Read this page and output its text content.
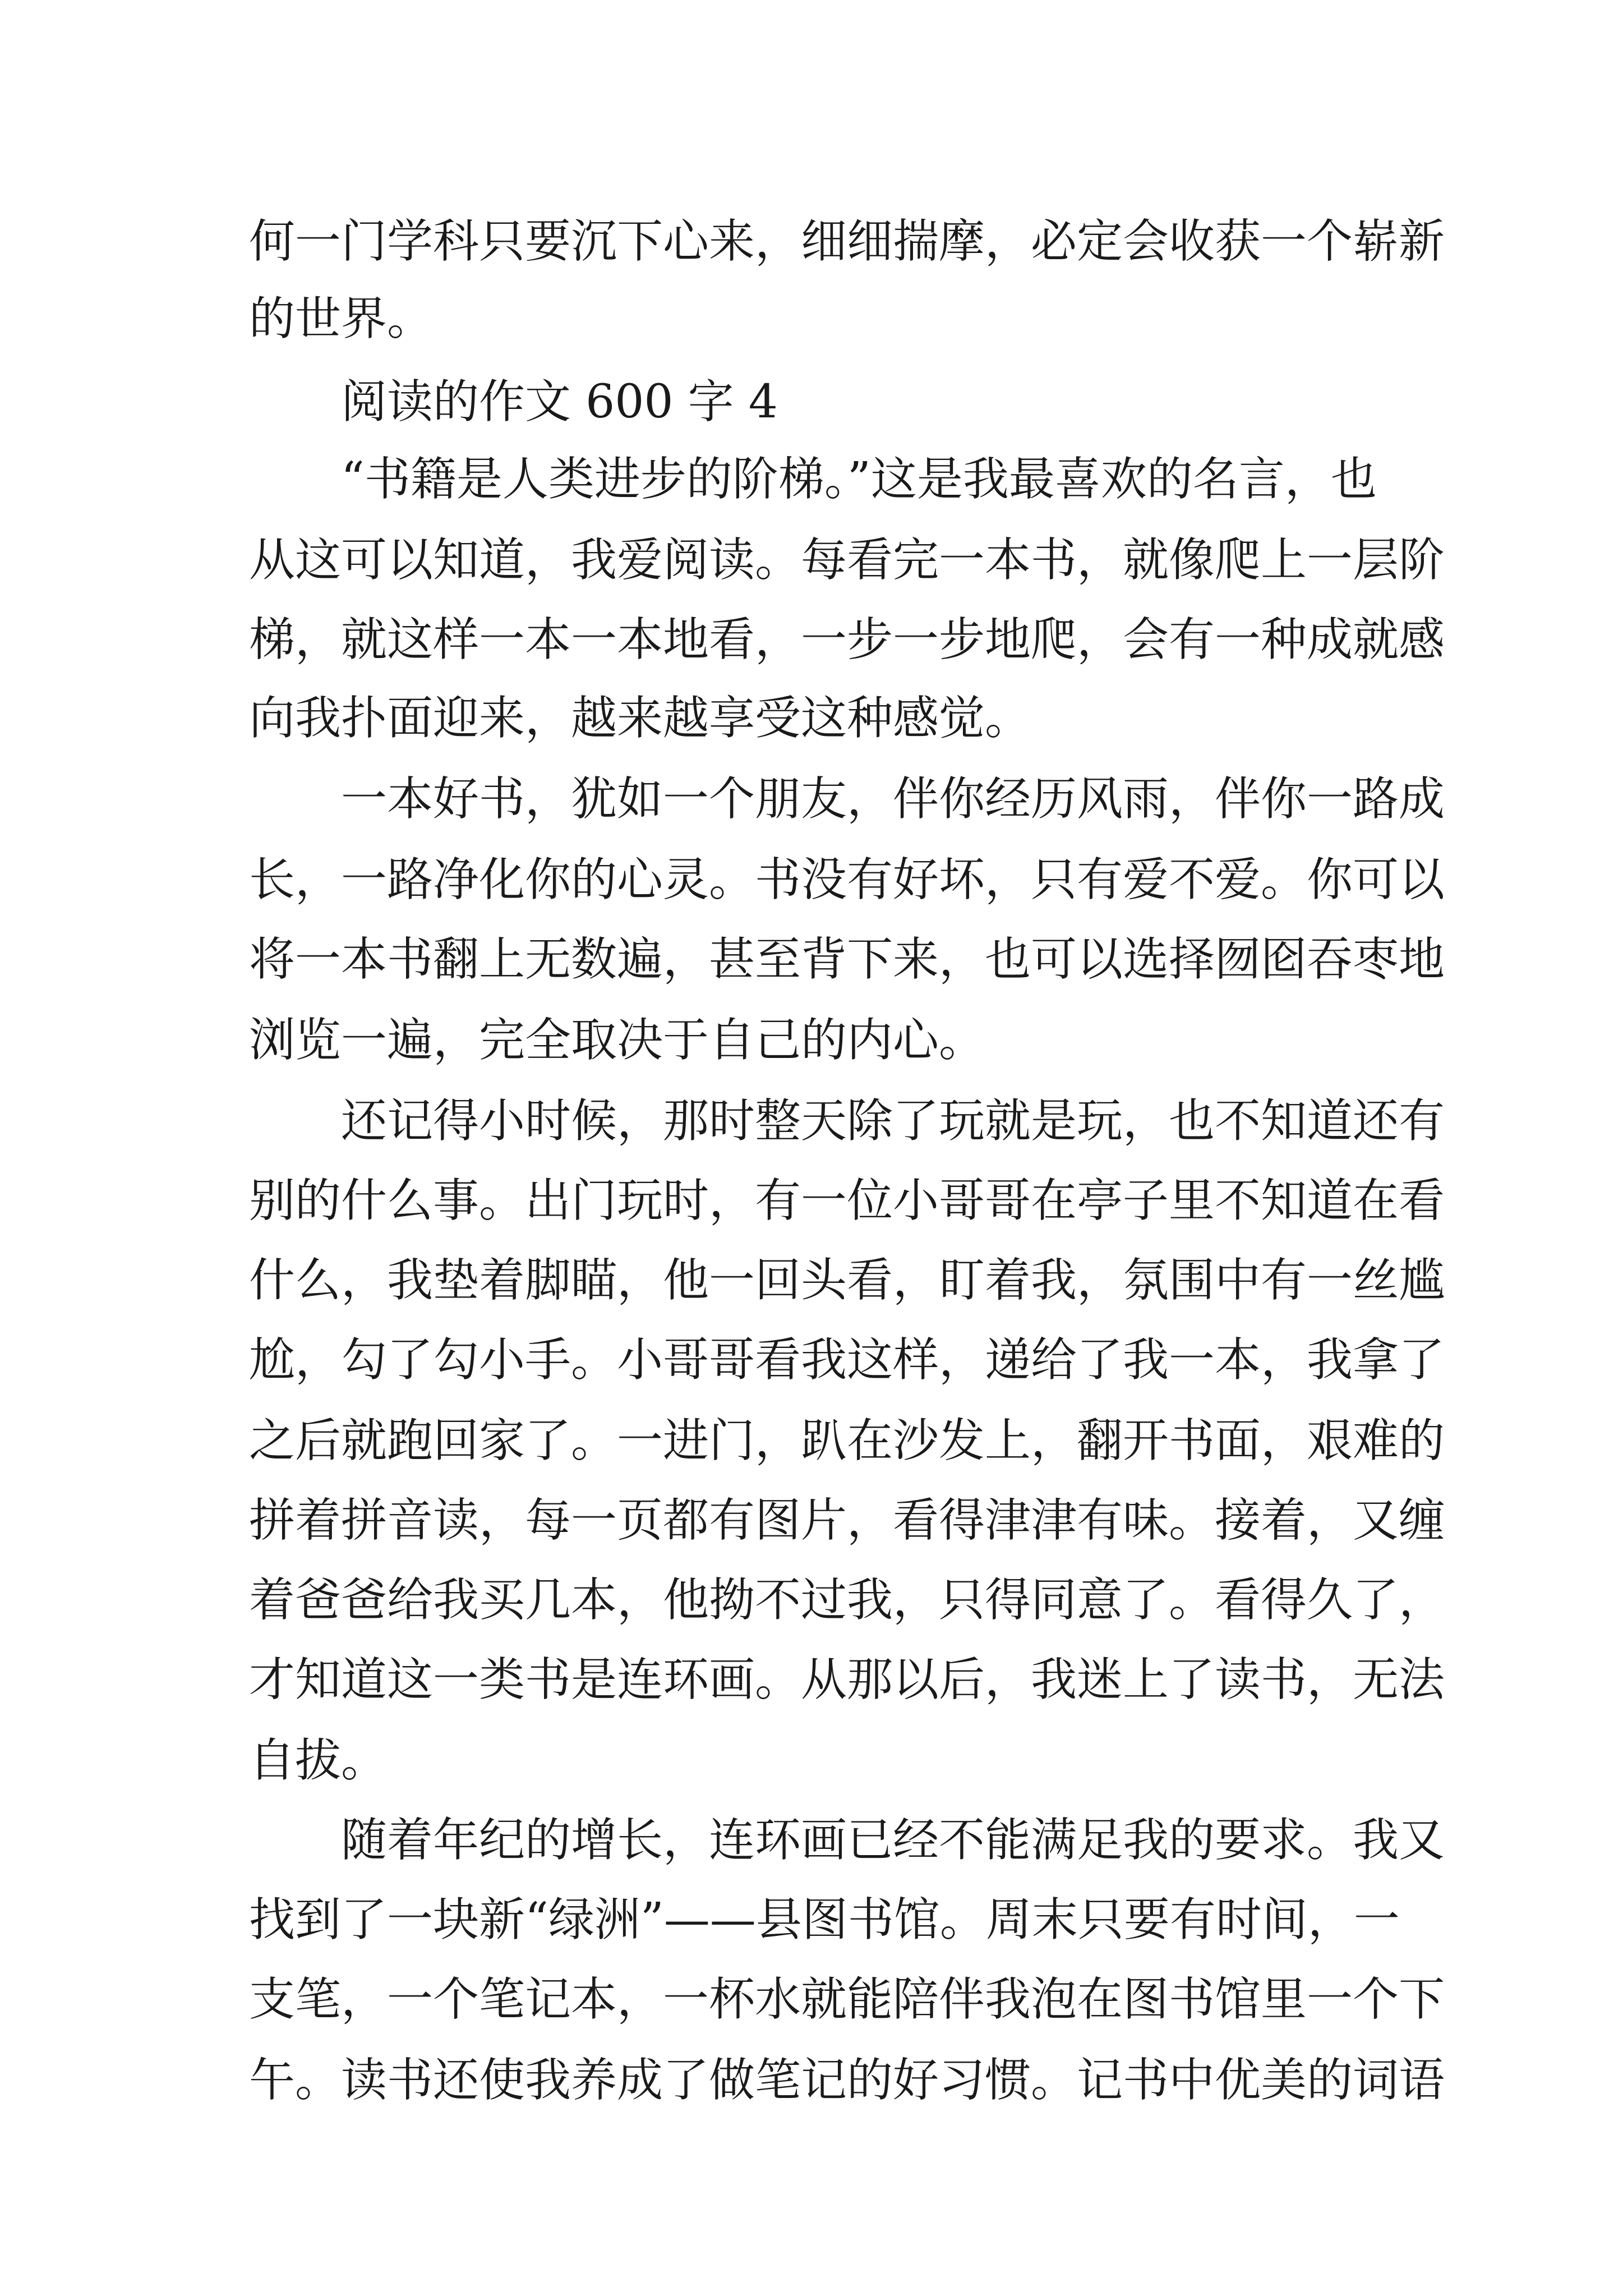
何一门学科只要沉下心来，细细揣摩，必定会收获一个崭新

的世界。

阅读的作文 600 字 4

“书籍是人类进步的阶梯。”这是我最喜欢的名言，也

从这可以知道，我爱阅读。每看完一本书，就像爬上一层阶

梯，就这样一本一本地看，一步一步地爬，会有一种成就感

向我扑面迎来，越来越享受这种感觉。

一本好书，犹如一个朋友，伴你经历风雨，伴你一路成

长，一路净化你的心灵。书没有好坏，只有爱不爱。你可以

将一本书翻上无数遍，甚至背下来，也可以选择囫囵吞枣地

浏览一遍，完全取决于自己的内心。

还记得小时候，那时整天除了玩就是玩，也不知道还有

别的什么事。出门玩时，有一位小哥哥在亭子里不知道在看

什么，我垫着脚瞄，他一回头看，盯着我，氛围中有一丝尴

尬，勾了勾小手。小哥哥看我这样，递给了我一本，我拿了

之后就跑回家了。一进门，趴在沙发上，翻开书面，艰难的

拼着拼音读，每一页都有图片，看得津津有味。接着，又缠

着爸爸给我买几本，他拗不过我，只得同意了。看得久了，

才知道这一类书是连环画。从那以后，我迷上了读书，无法

自拔。

随着年纪的增长，连环画已经不能满足我的要求。我又

找到了一块新“绿洲”——县图书馆。周末只要有时间，一

支笔，一个笔记本，一杯水就能陪伴我泡在图书馆里一个下

午。读书还使我养成了做笔记的好习惯。记书中优美的词语
